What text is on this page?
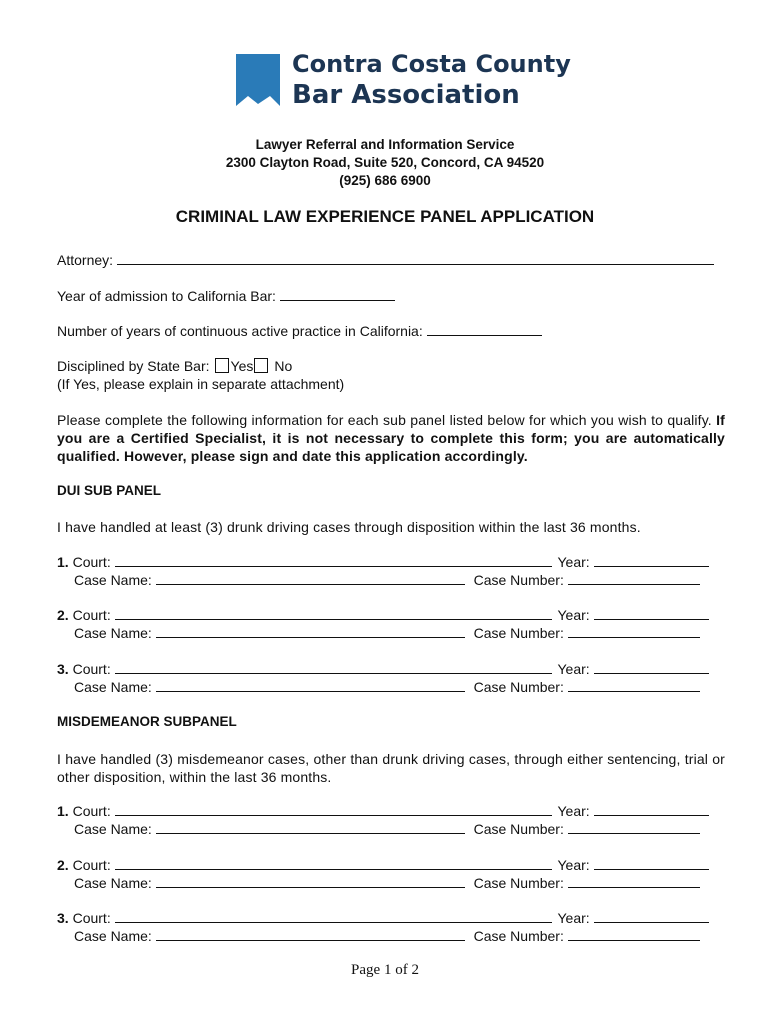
Contra Costa County
Bar Association
Lawyer Referral and Information Service
2300 Clayton Road, Suite 520, Concord, CA 94520
(925) 686 6900
CRIMINAL LAW EXPERIENCE PANEL APPLICATION
Attorney:
Year of admission to California Bar:
Number of years of continuous active practice in California:
Disciplined by State Bar: Yes No
(If Yes, please explain in separate attachment)
Please complete the following information for each sub panel listed below for which you wish to qualify. If you are a Certified Specialist, it is not necessary to complete this form; you are automatically qualified. However, please sign and date this application accordingly.
DUI SUB PANEL
I have handled at least (3) drunk driving cases through disposition within the last 36 months.
1. Court:	Year:
Case Name:	Case Number:
2. Court:	Year:
Case Name:	Case Number:
3. Court:	Year:
Case Name:	Case Number:
MISDEMEANOR SUBPANEL
I have handled (3) misdemeanor cases, other than drunk driving cases, through either sentencing, trial or other disposition, within the last 36 months.
1. Court:	Year:
Case Name:	Case Number:
2. Court:	Year:
Case Name:	Case Number:
3. Court:	Year:
Case Name:	Case Number:
Page 1 of 2
